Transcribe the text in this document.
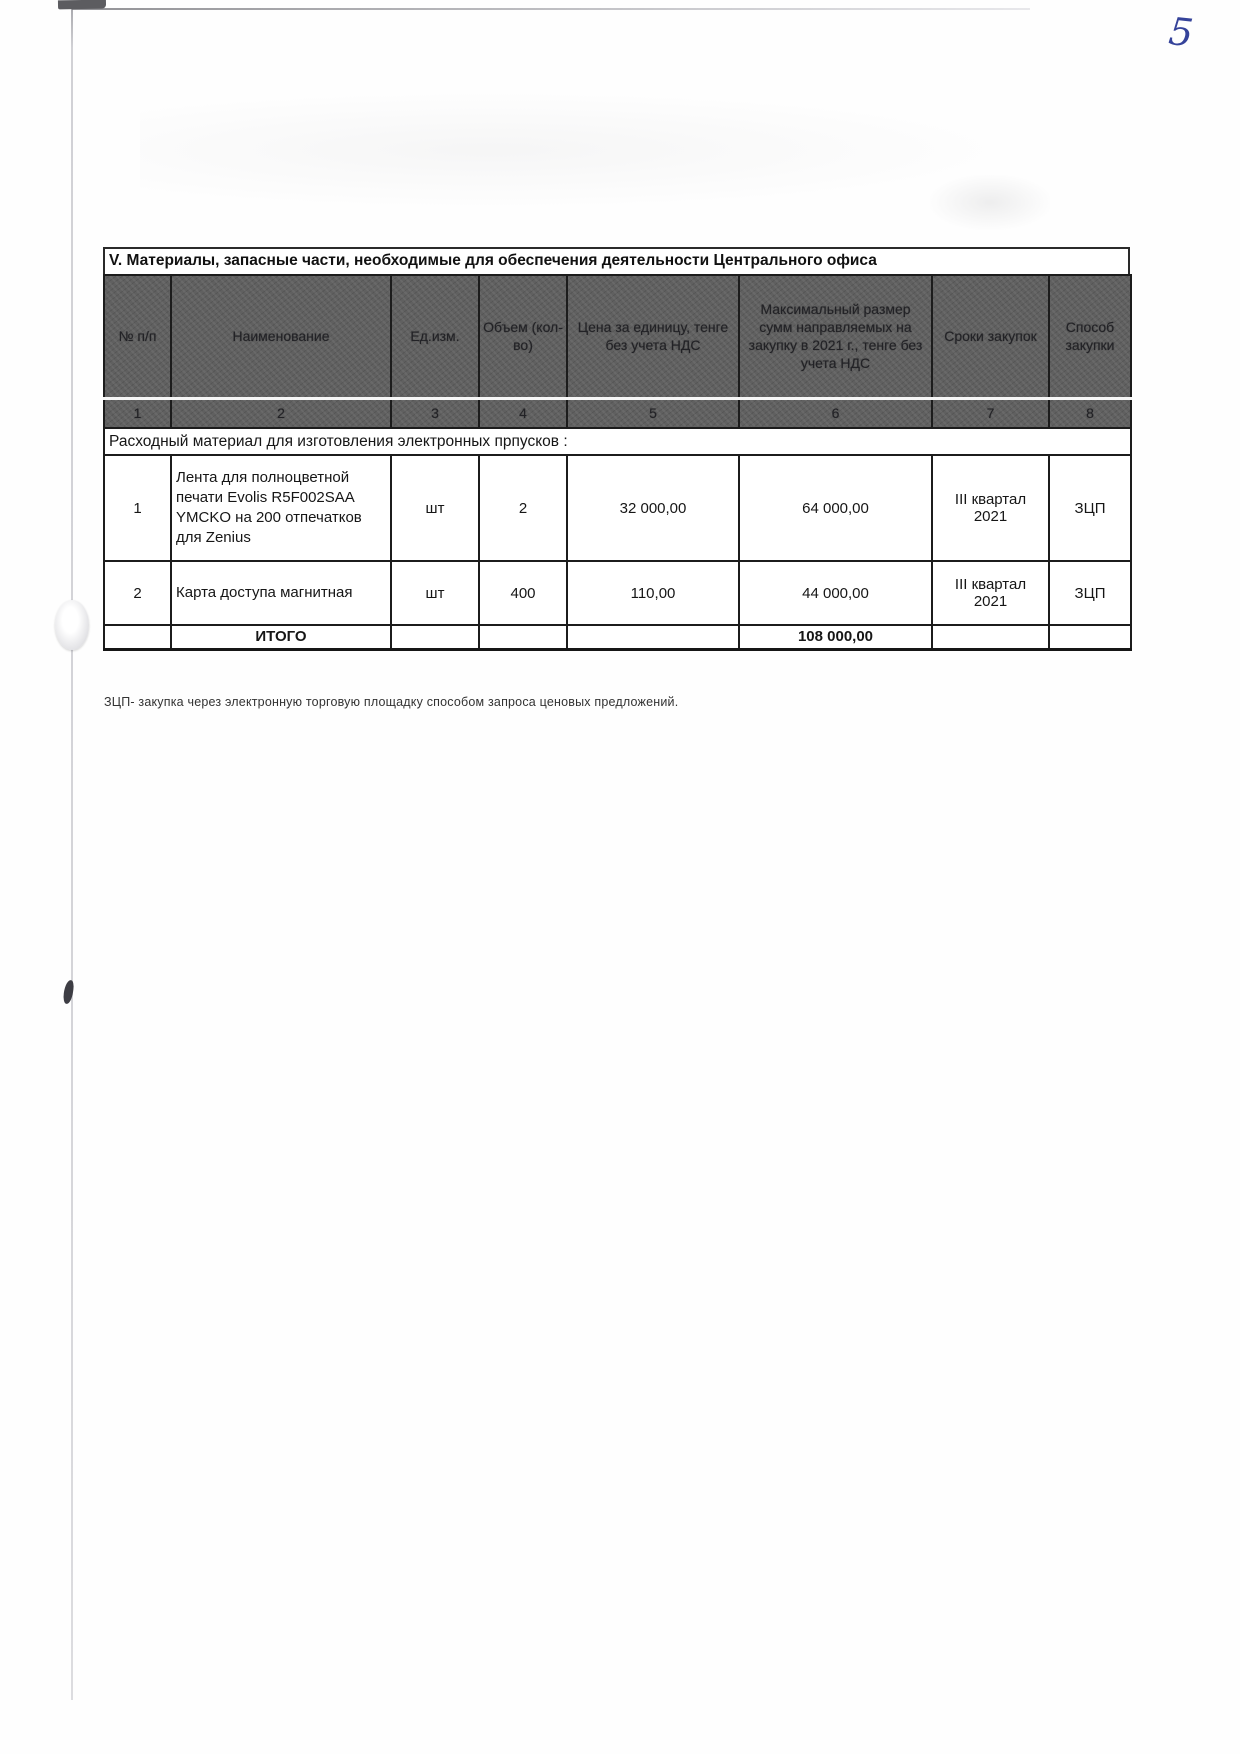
5
V. Материалы, запасные части, необходимые для обеспечения деятельности Центрального офиса
№ п/п	Наименование	Ед.изм.	Объем (кол-во)	Цена за единицу, тенге без учета НДС	Максимальный размер сумм направляемых на закупку в 2021 г., тенге без учета НДС	Сроки закупок	Способ закупки
1	2	3	4	5	6	7	8
Расходный материал для изготовления электронных прпусков :							
1	Лента для полноцветной печати Evolis R5F002SAA YMCKO на 200 отпечатков для Zenius	шт	2	32 000,00	64 000,00	III квартал 2021	ЗЦП
2	Карта доступа магнитная	шт	400	110,00	44 000,00	III квартал 2021	ЗЦП
	ИТОГО				108 000,00		
ЗЦП- закупка через электронную торговую площадку способом запроса ценовых предложений.
